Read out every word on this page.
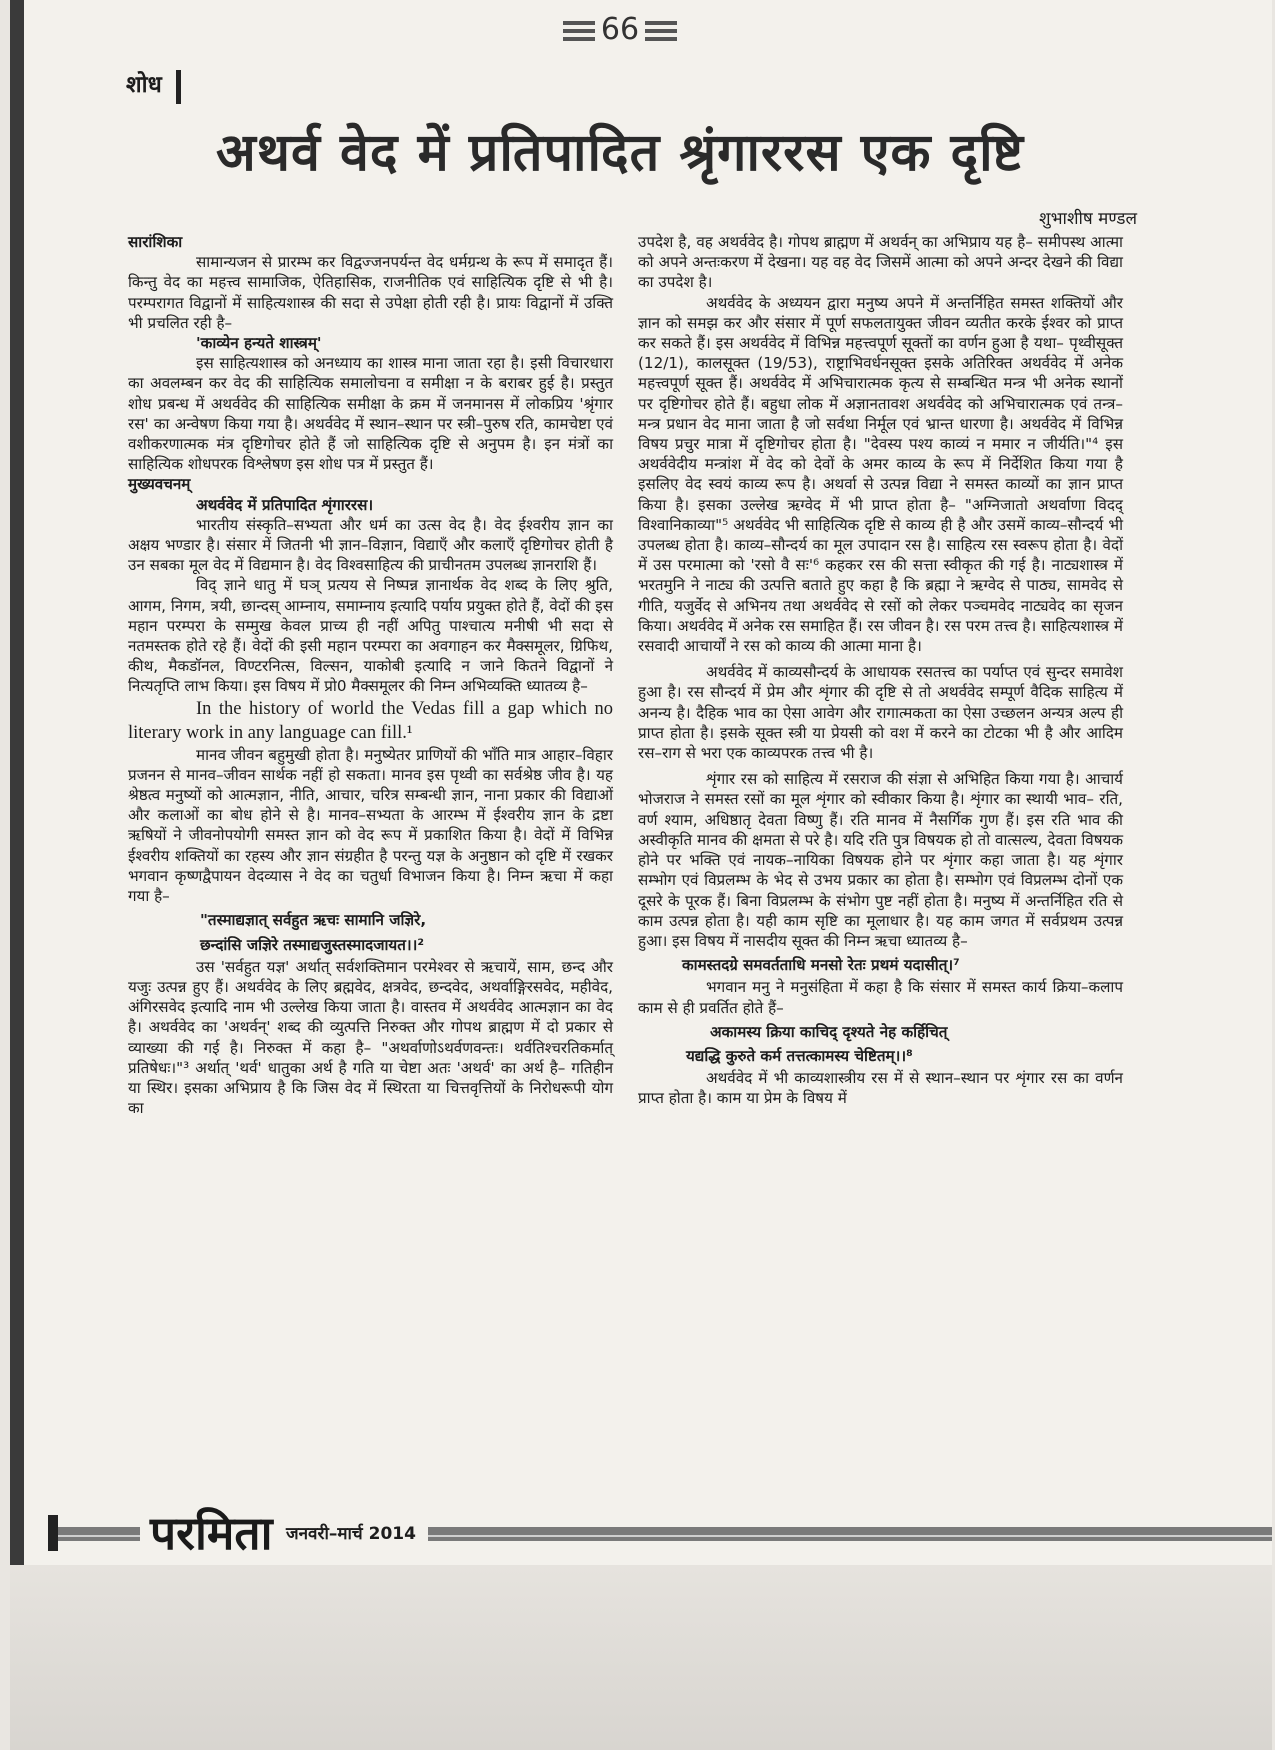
66
शोध
अथर्व वेद में प्रतिपादित श्रृंगाररस एक दृष्टि
शुभाशीष मण्डल
सारांशिका

सामान्यजन से प्रारम्भ कर विद्वज्जनपर्यन्त वेद धर्मग्रन्थ के रूप में समादृत हैं। किन्तु वेद का महत्त्व सामाजिक, ऐतिहासिक, राजनीतिक एवं साहित्यिक दृष्टि से भी है। परम्परागत विद्वानों में साहित्यशास्त्र की सदा से उपेक्षा होती रही है। प्रायः विद्वानों में उक्ति भी प्रचलित रही है–

'काव्येन हन्यते शास्त्रम्'

इस साहित्यशास्त्र को अनध्याय का शास्त्र माना जाता रहा है। इसी विचारधारा का अवलम्बन कर वेद की साहित्यिक समालोचना व समीक्षा न के बराबर हुई है। प्रस्तुत शोध प्रबन्ध में अथर्ववेद की साहित्यिक समीक्षा के क्रम में जनमानस में लोकप्रिय 'श्रृंगार रस' का अन्वेषण किया गया है। अथर्ववेद में स्थान–स्थान पर स्त्री–पुरुष रति, कामचेष्टा एवं वशीकरणात्मक मंत्र दृष्टिगोचर होते हैं जो साहित्यिक दृष्टि से अनुपम है। इन मंत्रों का साहित्यिक शोधपरक विश्लेषण इस शोध पत्र में प्रस्तुत हैं।

मुख्यवचनम्
अथर्ववेद में प्रतिपादित शृंगाररस।

भारतीय संस्कृति–सभ्यता और धर्म का उत्स वेद है। वेद ईश्वरीय ज्ञान का अक्षय भण्डार है। संसार में जितनी भी ज्ञान–विज्ञान, विद्याएँ और कलाएँ दृष्टिगोचर होती है उन सबका मूल वेद में विद्यमान है। वेद विश्वसाहित्य की प्राचीनतम उपलब्ध ज्ञानराशि हैं।

विद् ज्ञाने धातु में घञ् प्रत्यय से निष्पन्न ज्ञानार्थक वेद शब्द के लिए श्रुति, आगम, निगम, त्रयी, छान्दस् आम्नाय, समाम्नाय इत्यादि पर्याय प्रयुक्त होते हैं, वेदों की इस महान परम्परा के सम्मुख केवल प्राच्य ही नहीं अपितु पाश्चात्य मनीषी भी सदा से नतमस्तक होते रहे हैं। वेदों की इसी महान परम्परा का अवगाहन कर मैक्समूलर, ग्रिफिथ, कीथ, मैकडॉनल, विण्टरनित्स, विल्सन, याकोबी इत्यादि न जाने कितने विद्वानों ने नित्यतृप्ति लाभ किया। इस विषय में प्रो0 मैक्समूलर की निम्न अभिव्यक्ति ध्यातव्य है–

In the history of world the Vedas fill a gap which no literary work in any language can fill.¹

मानव जीवन बहुमुखी होता है। मनुष्येतर प्राणियों की भाँति मात्र आहार–विहार प्रजनन से मानव–जीवन सार्थक नहीं हो सकता। मानव इस पृथ्वी का सर्वश्रेष्ठ जीव है। यह श्रेष्ठत्व मनुष्यों को आत्मज्ञान, नीति, आचार, चरित्र सम्बन्धी ज्ञान, नाना प्रकार की विद्याओं और कलाओं का बोध होने से है। मानव–सभ्यता के आरम्भ में ईश्वरीय ज्ञान के द्रष्टा ऋषियों ने जीवनोपयोगी समस्त ज्ञान को वेद रूप में प्रकाशित किया है। वेदों में विभिन्न ईश्वरीय शक्तियों का रहस्य और ज्ञान संग्रहीत है परन्तु यज्ञ के अनुष्ठान को दृष्टि में रखकर भगवान कृष्णद्वैपायन वेदव्यास ने वेद का चतुर्धा विभाजन किया है। निम्न ऋचा में कहा गया है–

"तस्माद्यज्ञात् सर्वहुत ऋचः सामानि जज्ञिरे,
छन्दांसि जज्ञिरे तस्माद्यजुस्तस्मादजायत।।²

उस 'सर्वहुत यज्ञ' अर्थात् सर्वशक्तिमान परमेश्वर से ऋचायें, साम, छन्द और यजुः उत्पन्न हुए हैं। अथर्ववेद के लिए ब्रह्मवेद, क्षत्रवेद, छन्दवेद, अथर्वाङ्गिरसवेद, महीवेद, अंगिरसवेद इत्यादि नाम भी उल्लेख किया जाता है। वास्तव में अथर्ववेद आत्मज्ञान का वेद है। अथर्ववेद का 'अथर्वन्' शब्द की व्युत्पत्ति निरुक्त और गोपथ ब्राह्मण में दो प्रकार से व्याख्या की गई है। निरुक्त में कहा है– "अथर्वाणोऽथर्वणवन्तः। थर्वतिश्चरतिकर्मात् प्रतिषेधः।"³ अर्थात् 'थर्व' धातुका अर्थ है गति या चेष्टा अतः 'अथर्व' का अर्थ है– गतिहीन या स्थिर। इसका अभिप्राय है कि जिस वेद में स्थिरता या चित्तवृत्तियों के निरोधरूपी योग का

उपदेश है, वह अथर्ववेद है। गोपथ ब्राह्मण में अथर्वन् का अभिप्राय यह है– समीपस्थ आत्मा को अपने अन्तःकरण में देखना। यह वह वेद जिसमें आत्मा को अपने अन्दर देखने की विद्या का उपदेश है।

अथर्ववेद के अध्ययन द्वारा मनुष्य अपने में अन्तर्निहित समस्त शक्तियों और ज्ञान को समझ कर और संसार में पूर्ण सफलतायुक्त जीवन व्यतीत करके ईश्वर को प्राप्त कर सकते हैं। इस अथर्ववेद में विभिन्न महत्त्वपूर्ण सूक्तों का वर्णन हुआ है यथा– पृथ्वीसूक्त (12/1), कालसूक्त (19/53), राष्ट्राभिवर्धनसूक्त इसके अतिरिक्त अथर्ववेद में अनेक महत्त्वपूर्ण सूक्त हैं। अथर्ववेद में अभिचारात्मक कृत्य से सम्बन्धित मन्त्र भी अनेक स्थानों पर दृष्टिगोचर होते हैं। बहुधा लोक में अज्ञानतावश अथर्ववेद को अभिचारात्मक एवं तन्त्र–मन्त्र प्रधान वेद माना जाता है जो सर्वथा निर्मूल एवं भ्रान्त धारणा है। अथर्ववेद में विभिन्न विषय प्रचुर मात्रा में दृष्टिगोचर होता है। "देवस्य पश्य काव्यं न ममार न जीर्यति।"⁴ इस अथर्ववेदीय मन्त्रांश में वेद को देवों के अमर काव्य के रूप में निर्देशित किया गया है इसलिए वेद स्वयं काव्य रूप है। अथर्वा से उत्पन्न विद्या ने समस्त काव्यों का ज्ञान प्राप्त किया है। इसका उल्लेख ऋग्वेद में भी प्राप्त होता है– "अग्निजातो अथर्वाणा विदद् विश्वानिकाव्या"⁵ अथर्ववेद भी साहित्यिक दृष्टि से काव्य ही है और उसमें काव्य–सौन्दर्य भी उपलब्ध होता है। काव्य–सौन्दर्य का मूल उपादान रस है। साहित्य रस स्वरूप होता है। वेदों में उस परमात्मा को 'रसो वै सः'⁶ कहकर रस की सत्ता स्वीकृत की गई है। नाट्यशास्त्र में भरतमुनि ने नाट्य की उत्पत्ति बताते हुए कहा है कि ब्रह्मा ने ऋग्वेद से पाठ्य, सामवेद से गीति, यजुर्वेद से अभिनय तथा अथर्ववेद से रसों को लेकर पञ्चमवेद नाट्यवेद का सृजन किया। अथर्ववेद में अनेक रस समाहित हैं। रस जीवन है। रस परम तत्त्व है। साहित्यशास्त्र में रसवादी आचार्यों ने रस को काव्य की आत्मा माना है।

अथर्ववेद में काव्यसौन्दर्य के आधायक रसतत्त्व का पर्याप्त एवं सुन्दर समावेश हुआ है। रस सौन्दर्य में प्रेम और शृंगार की दृष्टि से तो अथर्ववेद सम्पूर्ण वैदिक साहित्य में अनन्य है। दैहिक भाव का ऐसा आवेग और रागात्मकता का ऐसा उच्छलन अन्यत्र अल्प ही प्राप्त होता है। इसके सूक्त स्त्री या प्रेयसी को वश में करने का टोटका भी है और आदिम रस–राग से भरा एक काव्यपरक तत्त्व भी है।

शृंगार रस को साहित्य में रसराज की संज्ञा से अभिहित किया गया है। आचार्य भोजराज ने समस्त रसों का मूल शृंगार को स्वीकार किया है। शृंगार का स्थायी भाव– रति, वर्ण श्याम, अधिष्ठातृ देवता विष्णु हैं। रति मानव में नैसर्गिक गुण हैं। इस रति भाव की अस्वीकृति मानव की क्षमता से परे है। यदि रति पुत्र विषयक हो तो वात्सल्य, देवता विषयक होने पर भक्ति एवं नायक–नायिका विषयक होने पर शृंगार कहा जाता है। यह शृंगार सम्भोग एवं विप्रलम्भ के भेद से उभय प्रकार का होता है। सम्भोग एवं विप्रलम्भ दोनों एक दूसरे के पूरक हैं। बिना विप्रलम्भ के संभोग पुष्ट नहीं होता है। मनुष्य में अन्तर्निहित रति से काम उत्पन्न होता है। यही काम सृष्टि का मूलाधार है। यह काम जगत में सर्वप्रथम उत्पन्न हुआ। इस विषय में नासदीय सूक्त की निम्न ऋचा ध्यातव्य है–

कामस्तदग्रे समवर्तताधि मनसो रेतः प्रथमं यदासीत्।⁷

भगवान मनु ने मनुसंहिता में कहा है कि संसार में समस्त कार्य क्रिया–कलाप काम से ही प्रवर्तित होते हैं–

अकामस्य क्रिया काचिद् दृश्यते नेह कर्हिचित्
यद्यद्धि कुरुते कर्म तत्तत्कामस्य चेष्टितम्।।⁸

अथर्ववेद में भी काव्यशास्त्रीय रस में से स्थान–स्थान पर शृंगार रस का वर्णन प्राप्त होता है। काम या प्रेम के विषय में

परमिता जनवरी–मार्च 2014
